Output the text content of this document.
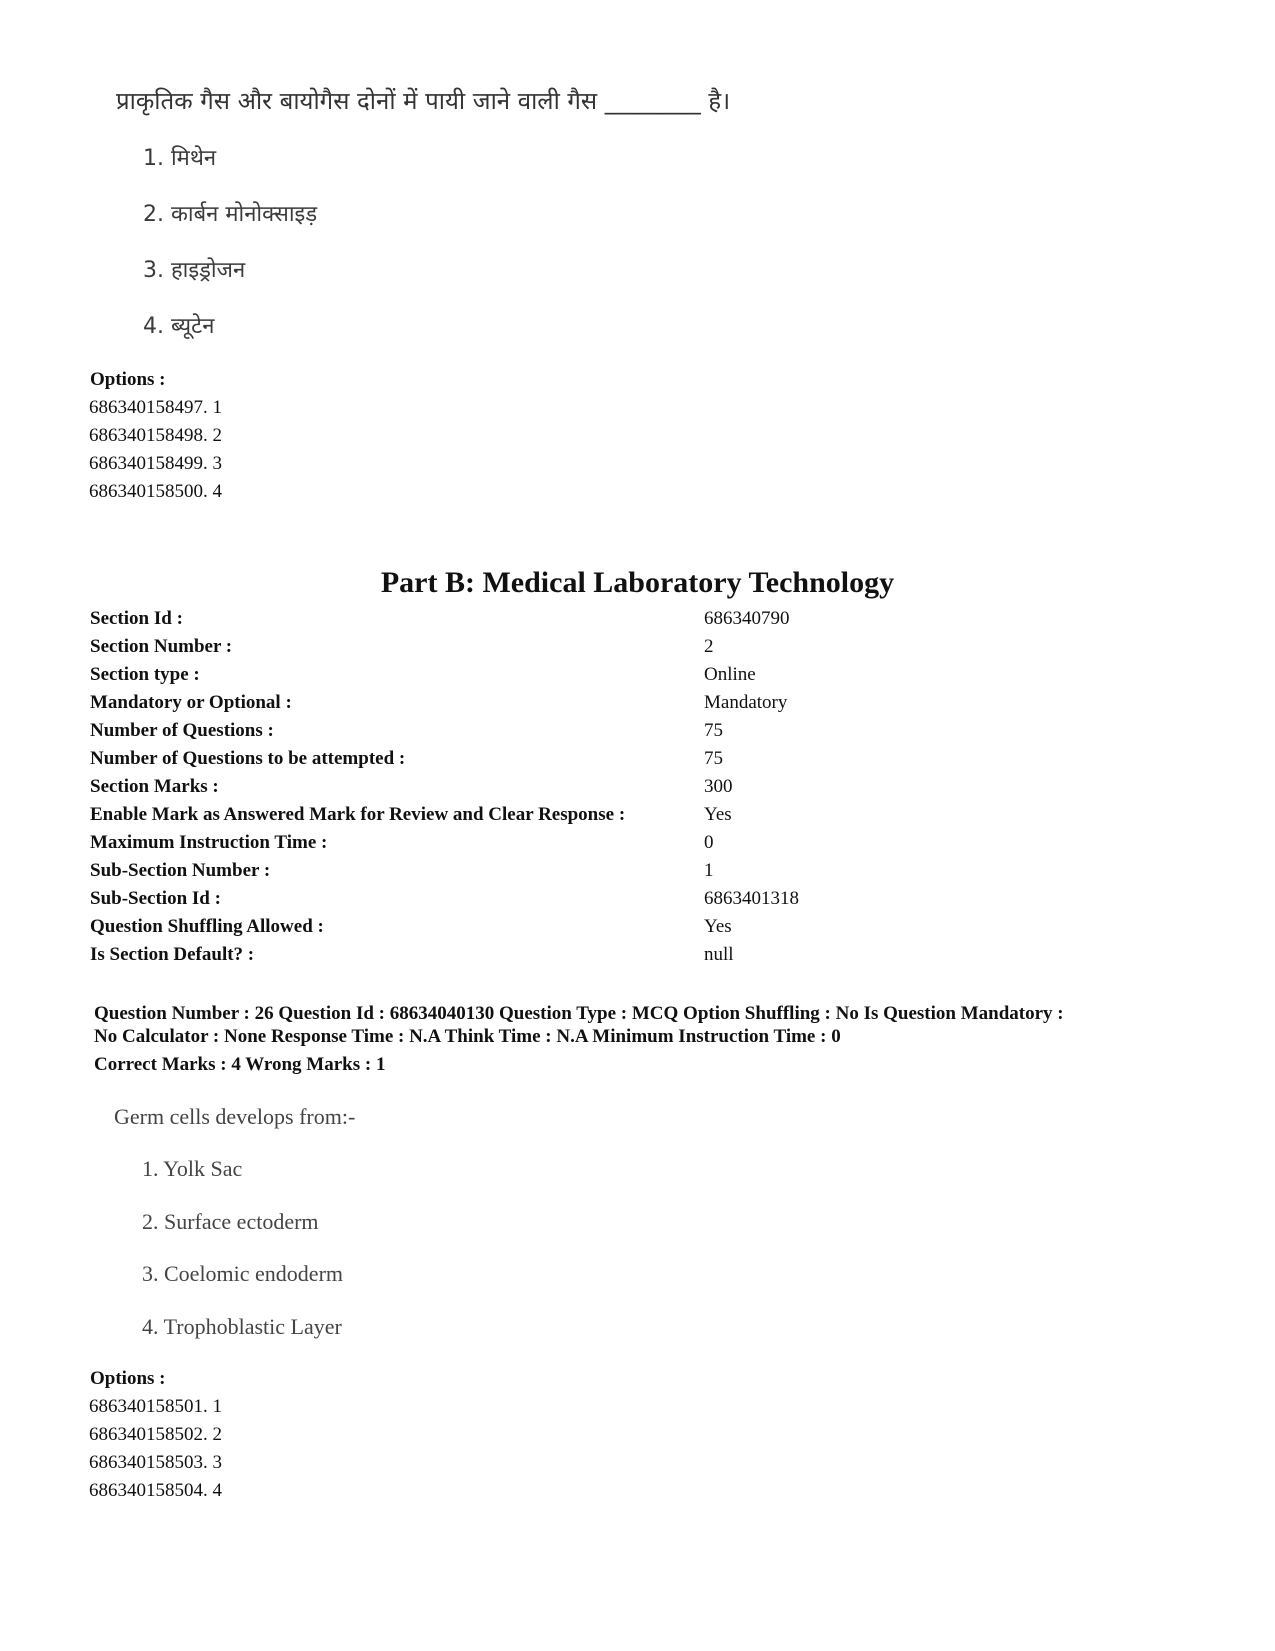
प्राकृतिक गैस और बायोगैस दोनों में पायी जाने वाली गैस ________ है।
1. मिथेन
2. कार्बन मोनोक्साइड़
3. हाइड्रोजन
4. ब्यूटेन
Options :
686340158497. 1
686340158498. 2
686340158499. 3
686340158500. 4
Part B: Medical Laboratory Technology
Section Id :	686340790
Section Number :	2
Section type :	Online
Mandatory or Optional :	Mandatory
Number of Questions :	75
Number of Questions to be attempted :	75
Section Marks :	300
Enable Mark as Answered Mark for Review and Clear Response :	Yes
Maximum Instruction Time :	0
Sub-Section Number :	1
Sub-Section Id :	6863401318
Question Shuffling Allowed :	Yes
Is Section Default? :	null
Question Number : 26 Question Id : 68634040130 Question Type : MCQ Option Shuffling : No Is Question Mandatory :
No Calculator : None Response Time : N.A Think Time : N.A Minimum Instruction Time : 0
Correct Marks : 4 Wrong Marks : 1
Germ cells develops from:-
1. Yolk Sac
2. Surface ectoderm
3. Coelomic endoderm
4. Trophoblastic Layer
Options :
686340158501. 1
686340158502. 2
686340158503. 3
686340158504. 4
